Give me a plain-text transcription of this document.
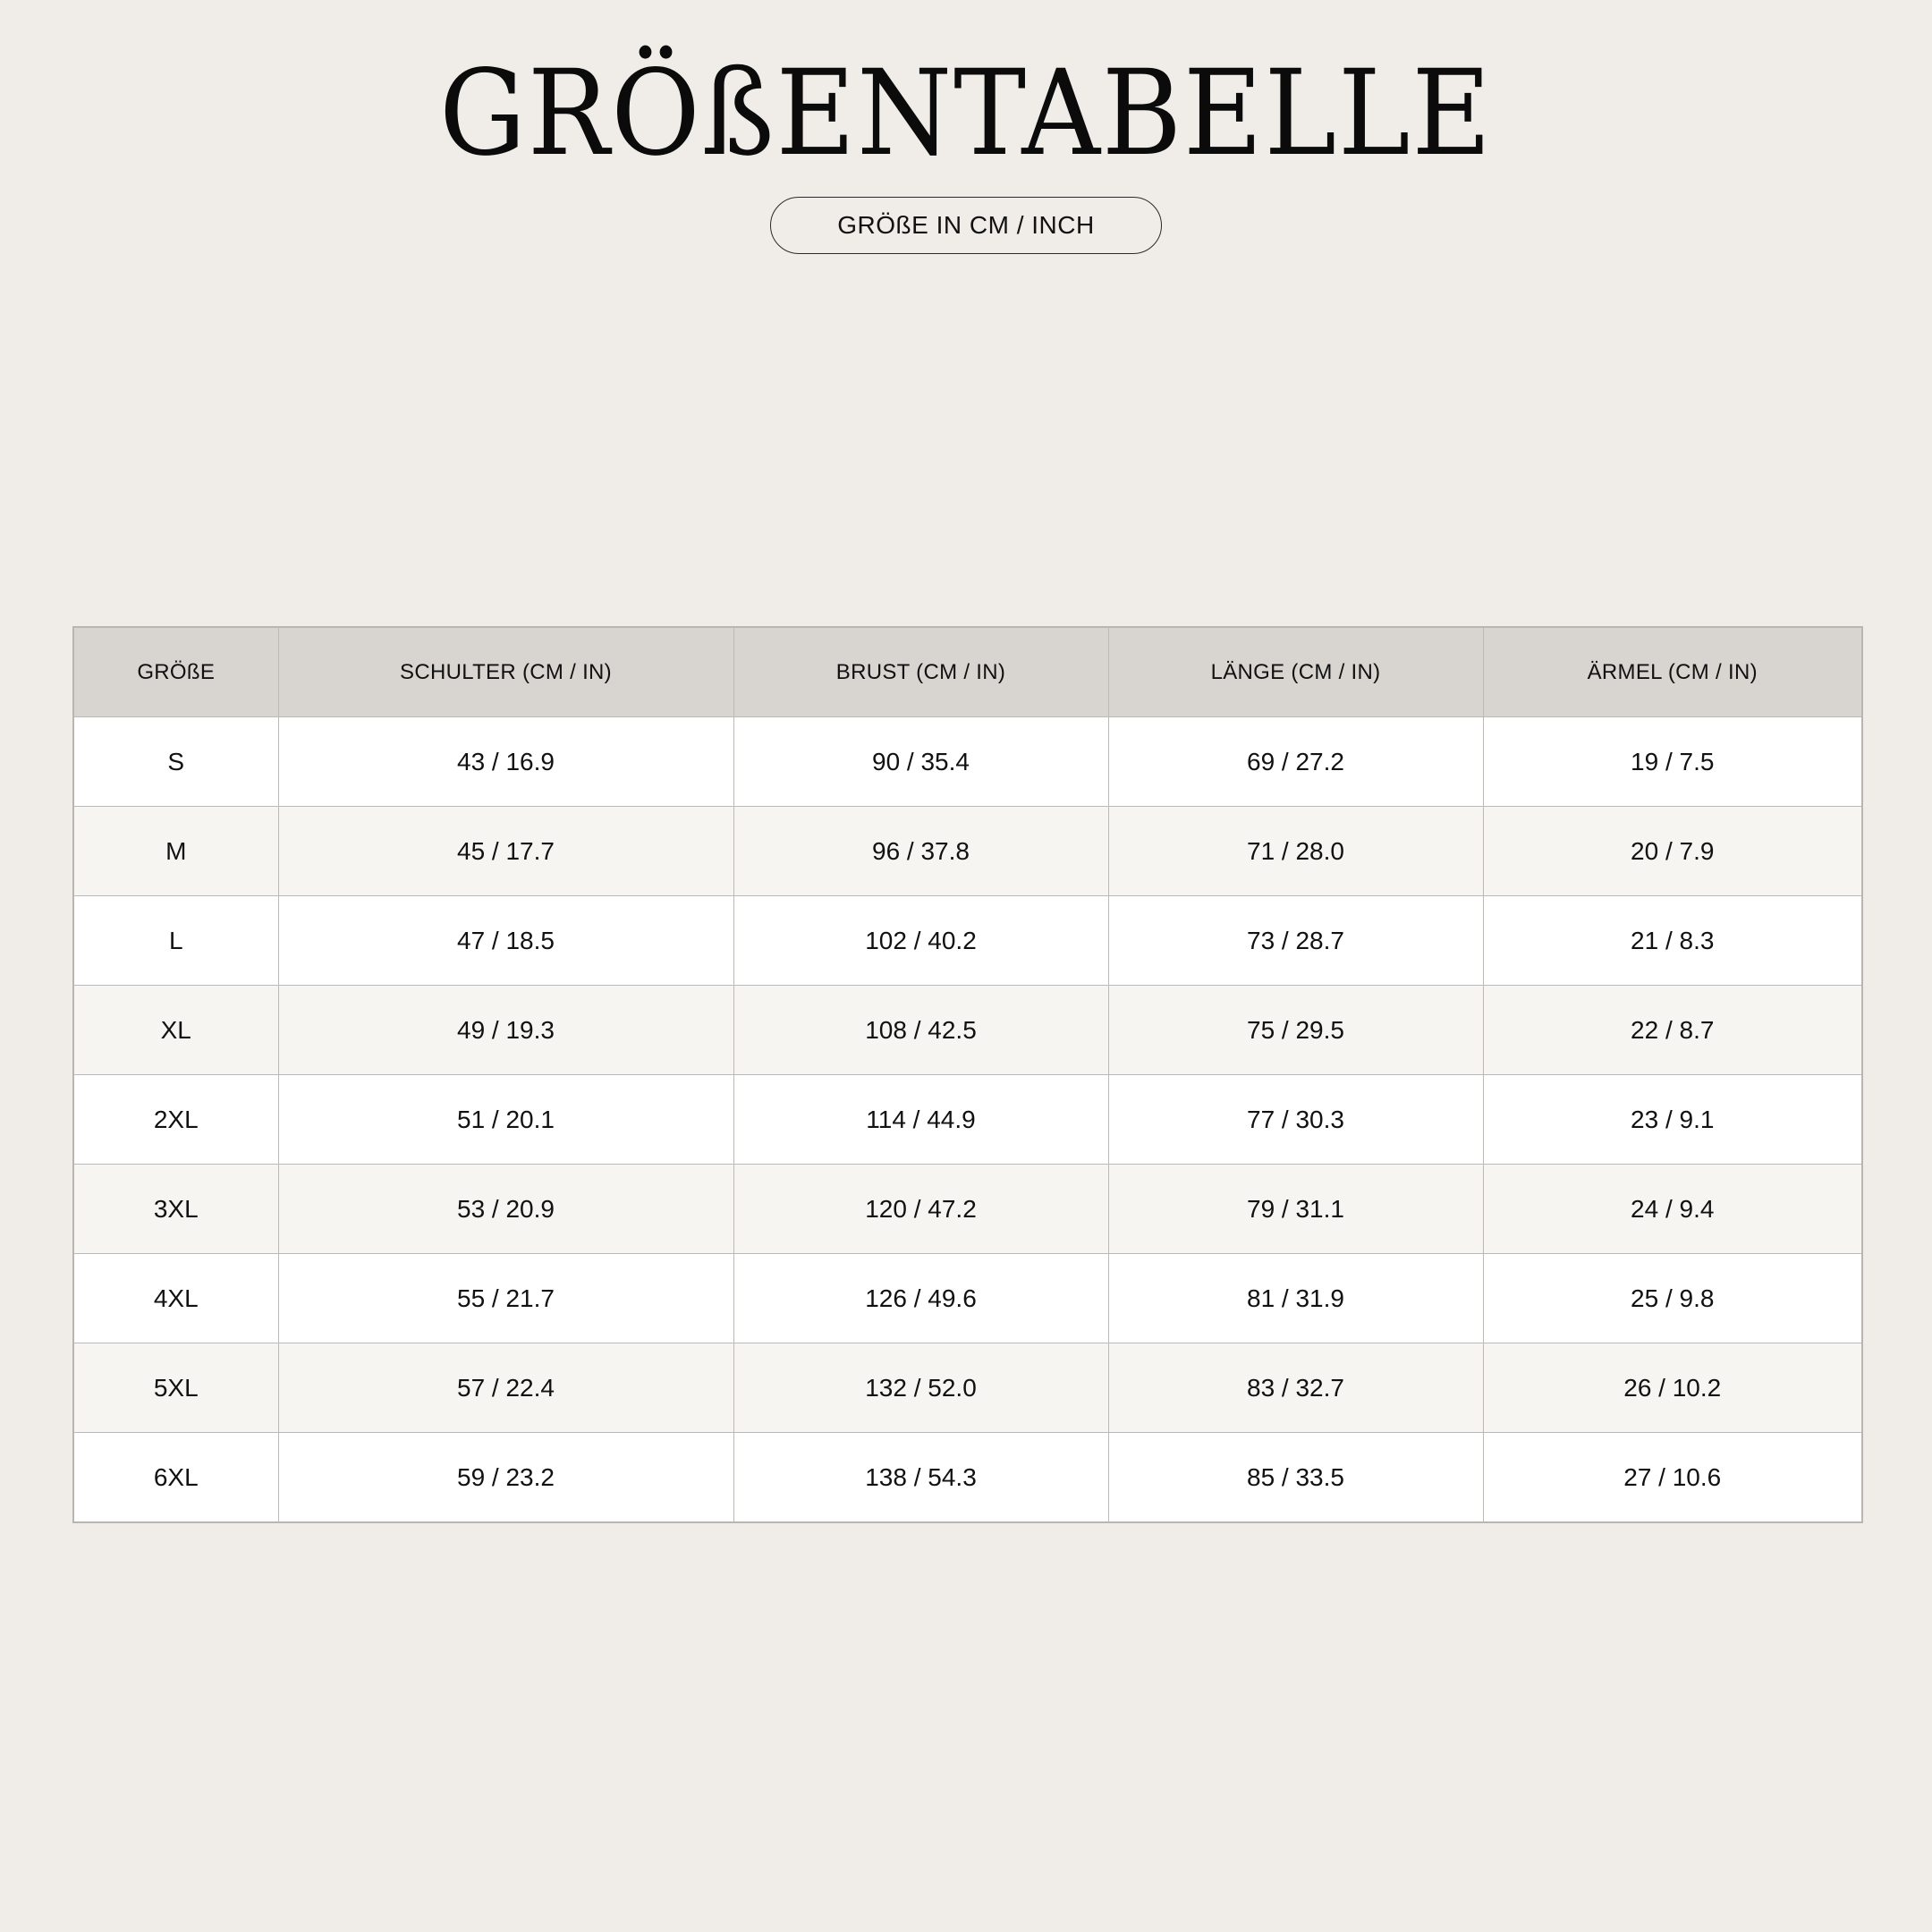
GRÖßENTABELLE
GRÖßE IN CM / INCH
GRÖßE	SCHULTER (CM / IN)	BRUST (CM / IN)	LÄNGE (CM / IN)	ÄRMEL (CM / IN)
S	43 / 16.9	90 / 35.4	69 / 27.2	19 / 7.5
M	45 / 17.7	96 / 37.8	71 / 28.0	20 / 7.9
L	47 / 18.5	102 / 40.2	73 / 28.7	21 / 8.3
XL	49 / 19.3	108 / 42.5	75 / 29.5	22 / 8.7
2XL	51 / 20.1	114 / 44.9	77 / 30.3	23 / 9.1
3XL	53 / 20.9	120 / 47.2	79 / 31.1	24 / 9.4
4XL	55 / 21.7	126 / 49.6	81 / 31.9	25 / 9.8
5XL	57 / 22.4	132 / 52.0	83 / 32.7	26 / 10.2
6XL	59 / 23.2	138 / 54.3	85 / 33.5	27 / 10.6
